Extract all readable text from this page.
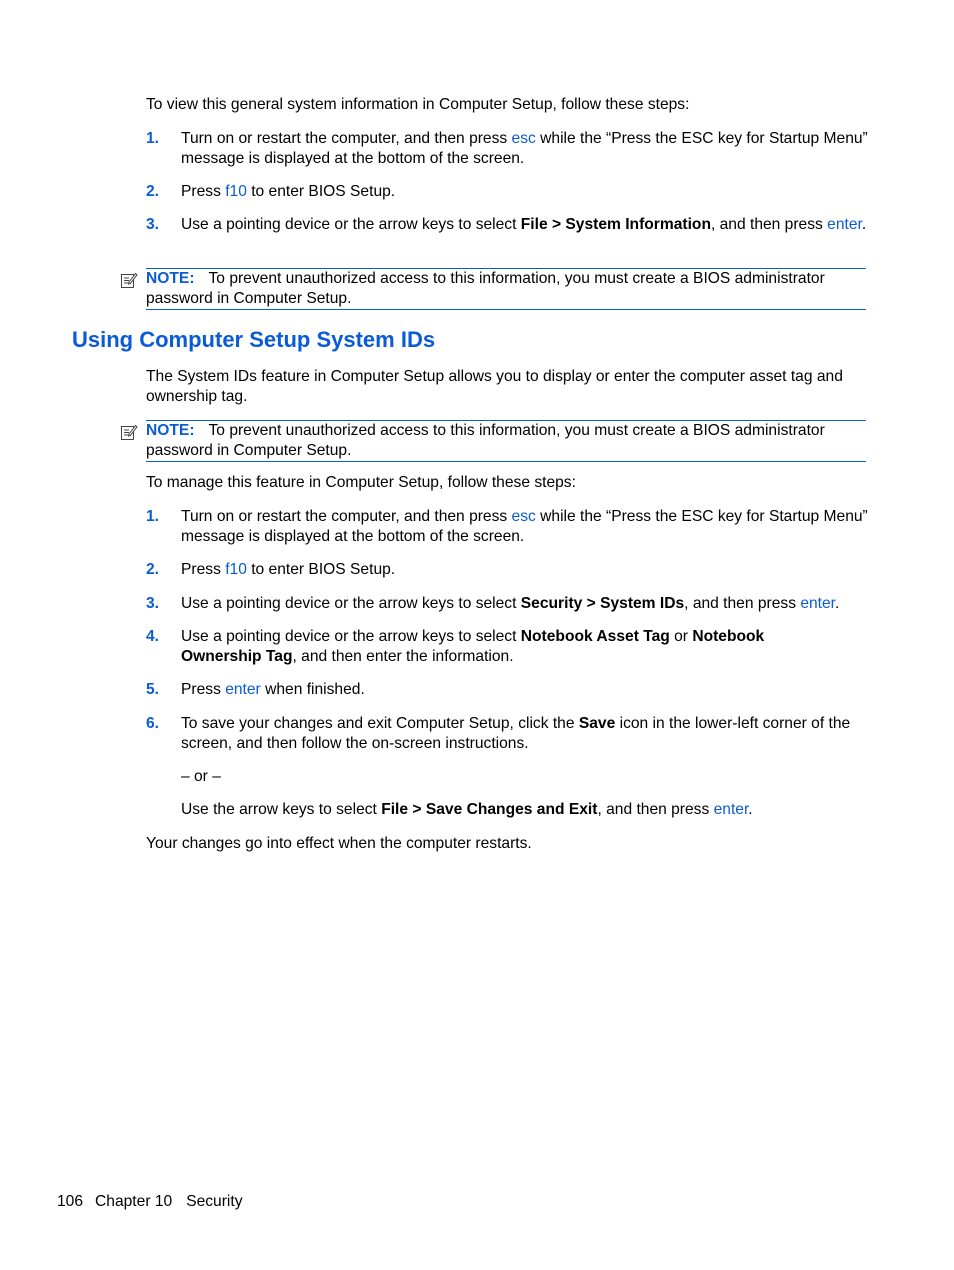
To view this general system information in Computer Setup, follow these steps:
1. Turn on or restart the computer, and then press esc while the “Press the ESC key for Startup Menu” message is displayed at the bottom of the screen.
2. Press f10 to enter BIOS Setup.
3. Use a pointing device or the arrow keys to select File > System Information, and then press enter.
NOTE: To prevent unauthorized access to this information, you must create a BIOS administrator password in Computer Setup.
Using Computer Setup System IDs
The System IDs feature in Computer Setup allows you to display or enter the computer asset tag and ownership tag.
NOTE: To prevent unauthorized access to this information, you must create a BIOS administrator password in Computer Setup.
To manage this feature in Computer Setup, follow these steps:
1. Turn on or restart the computer, and then press esc while the “Press the ESC key for Startup Menu” message is displayed at the bottom of the screen.
2. Press f10 to enter BIOS Setup.
3. Use a pointing device or the arrow keys to select Security > System IDs, and then press enter.
4. Use a pointing device or the arrow keys to select Notebook Asset Tag or Notebook Ownership Tag, and then enter the information.
5. Press enter when finished.
6. To save your changes and exit Computer Setup, click the Save icon in the lower-left corner of the screen, and then follow the on-screen instructions.
– or –
Use the arrow keys to select File > Save Changes and Exit, and then press enter.
Your changes go into effect when the computer restarts.
106 Chapter 10 Security
